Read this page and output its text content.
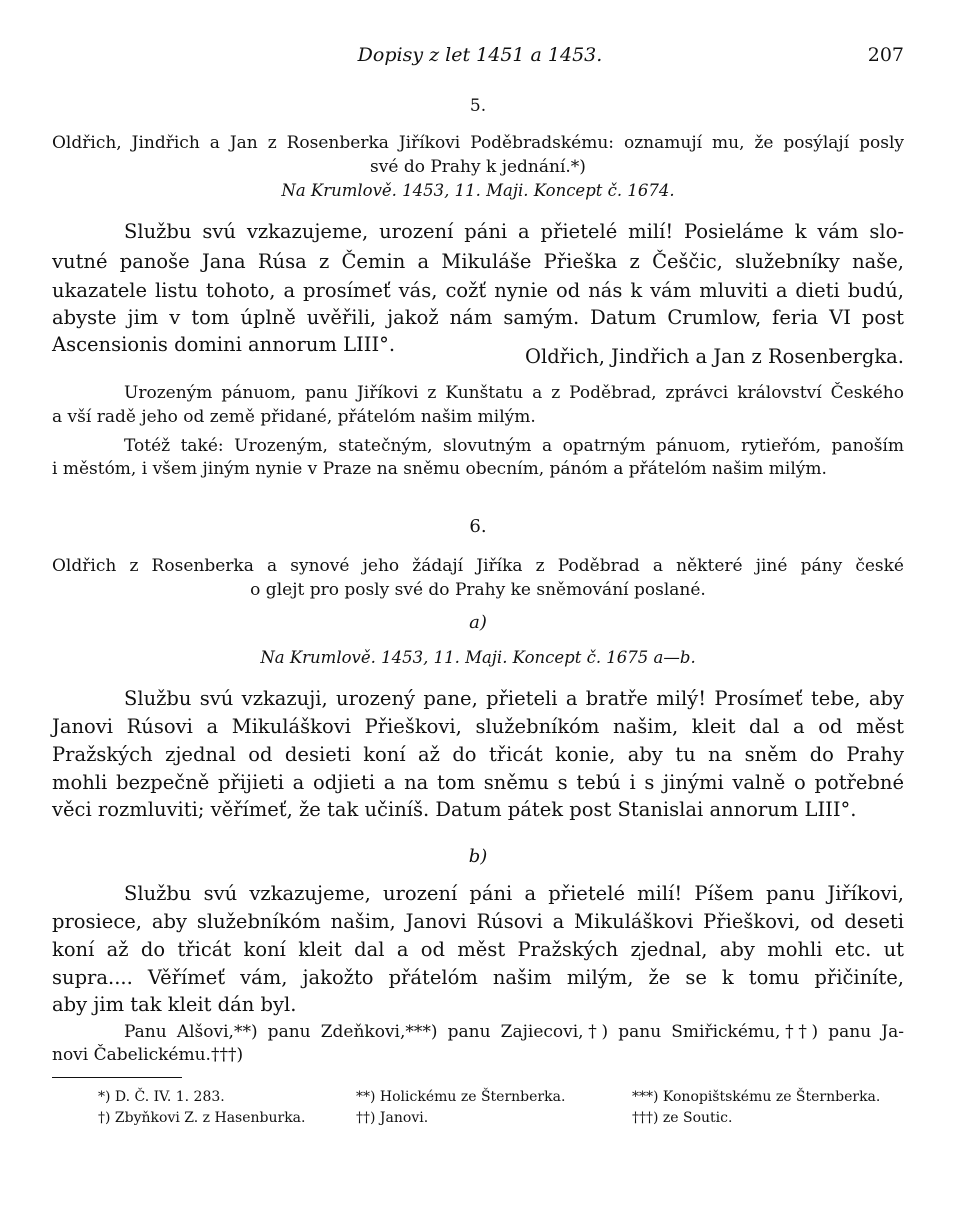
Dopisy z let 1451 a 1453.	207
5.
Oldřich, Jindřich a Jan z Rosenberka Jiříkovi Poděbradskému: oznamují mu, že posýlají posly
své do Prahy k jednání.*)
Na Krumlově. 1453, 11. Maji. Koncept č. 1674.
Službu svú vzkazujeme, urození páni a přietelé milí! Posieláme k vám slo-
vutné panoše Jana Rúsa z Čemin a Mikuláše Přieška z Češčic, služebníky naše,
ukazatele listu tohoto, a prosímeť vás, cožť nynie od nás k vám mluviti a dieti budú,
abyste jim v tom úplně uvěřili, jakož nám samým. Datum Crumlow, feria VI post
Ascensionis domini annorum LIII°.
Oldřich, Jindřich a Jan z Rosenbergka.
Urozeným pánuom, panu Jiříkovi z Kunštatu a z Poděbrad, zprávci království Českého
a vší radě jeho od země přidané, přátelóm našim milým.
Totéž také: Urozeným, statečným, slovutným a opatrným pánuom, rytieřóm, panoším
i městóm, i všem jiným nynie v Praze na sněmu obecním, pánóm a přátelóm našim milým.
6.
Oldřich z Rosenberka a synové jeho žádají Jiříka z Poděbrad a některé jiné pány české
o glejt pro posly své do Prahy ke sněmování poslané.
a)
Na Krumlově. 1453, 11. Maji. Koncept č. 1675 a—b.
Službu svú vzkazuji, urozený pane, přieteli a bratře milý! Prosímeť tebe, aby
Janovi Rúsovi a Mikuláškovi Přieškovi, služebníkóm našim, kleit dal a od měst
Pražských zjednal od desieti koní až do třicát konie, aby tu na sněm do Prahy
mohli bezpečně přijieti a odjieti a na tom sněmu s tebú i s jinými valně o potřebné
věci rozmluviti; věřímeť, že tak učiníš. Datum pátek post Stanislai annorum LIII°.
b)
Službu svú vzkazujeme, urození páni a přietelé milí! Píšem panu Jiříkovi,
prosiece, aby služebníkóm našim, Janovi Rúsovi a Mikuláškovi Přieškovi, od deseti
koní až do třicát koní kleit dal a od měst Pražských zjednal, aby mohli etc. ut
supra.... Věřímeť vám, jakožto přátelóm našim milým, že se k tomu přičiníte,
aby jim tak kleit dán byl.
Panu Alšovi,**) panu Zdeňkovi,***) panu Zajiecovi,†) panu Smiřickému,††) panu Ja-
novi Čabelickému.†††)
*) D. Č. IV. 1. 283.	**) Holickému ze Šternberka.	***) Konopištskému ze Šternberka.
†) Zbyňkovi Z. z Hasenburka.	††) Janovi.	†††) ze Soutic.
